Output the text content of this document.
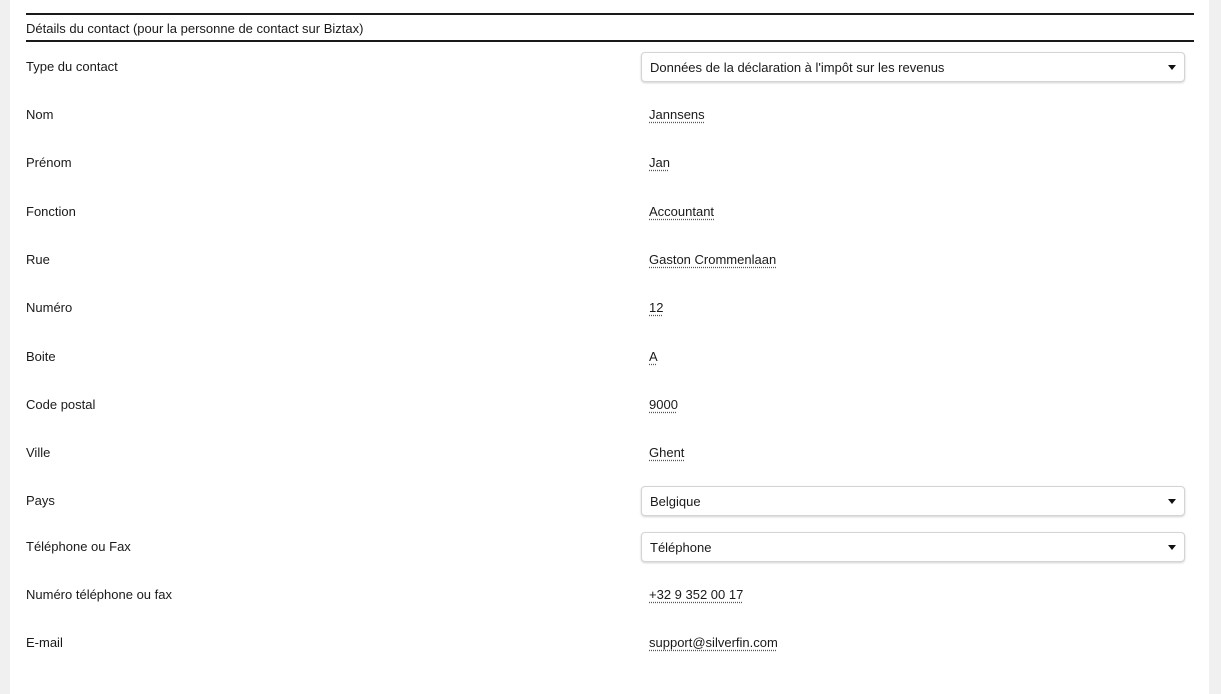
Détails du contact (pour la personne de contact sur Biztax)
Type du contact	Données de la déclaration à l'impôt sur les revenus
Nom	Jannsens
Prénom	Jan
Fonction	Accountant
Rue	Gaston Crommenlaan
Numéro	12
Boite	A
Code postal	9000
Ville	Ghent
Pays	Belgique
Téléphone ou Fax	Téléphone
Numéro téléphone ou fax	+32 9 352 00 17
E-mail	support@silverfin.com
